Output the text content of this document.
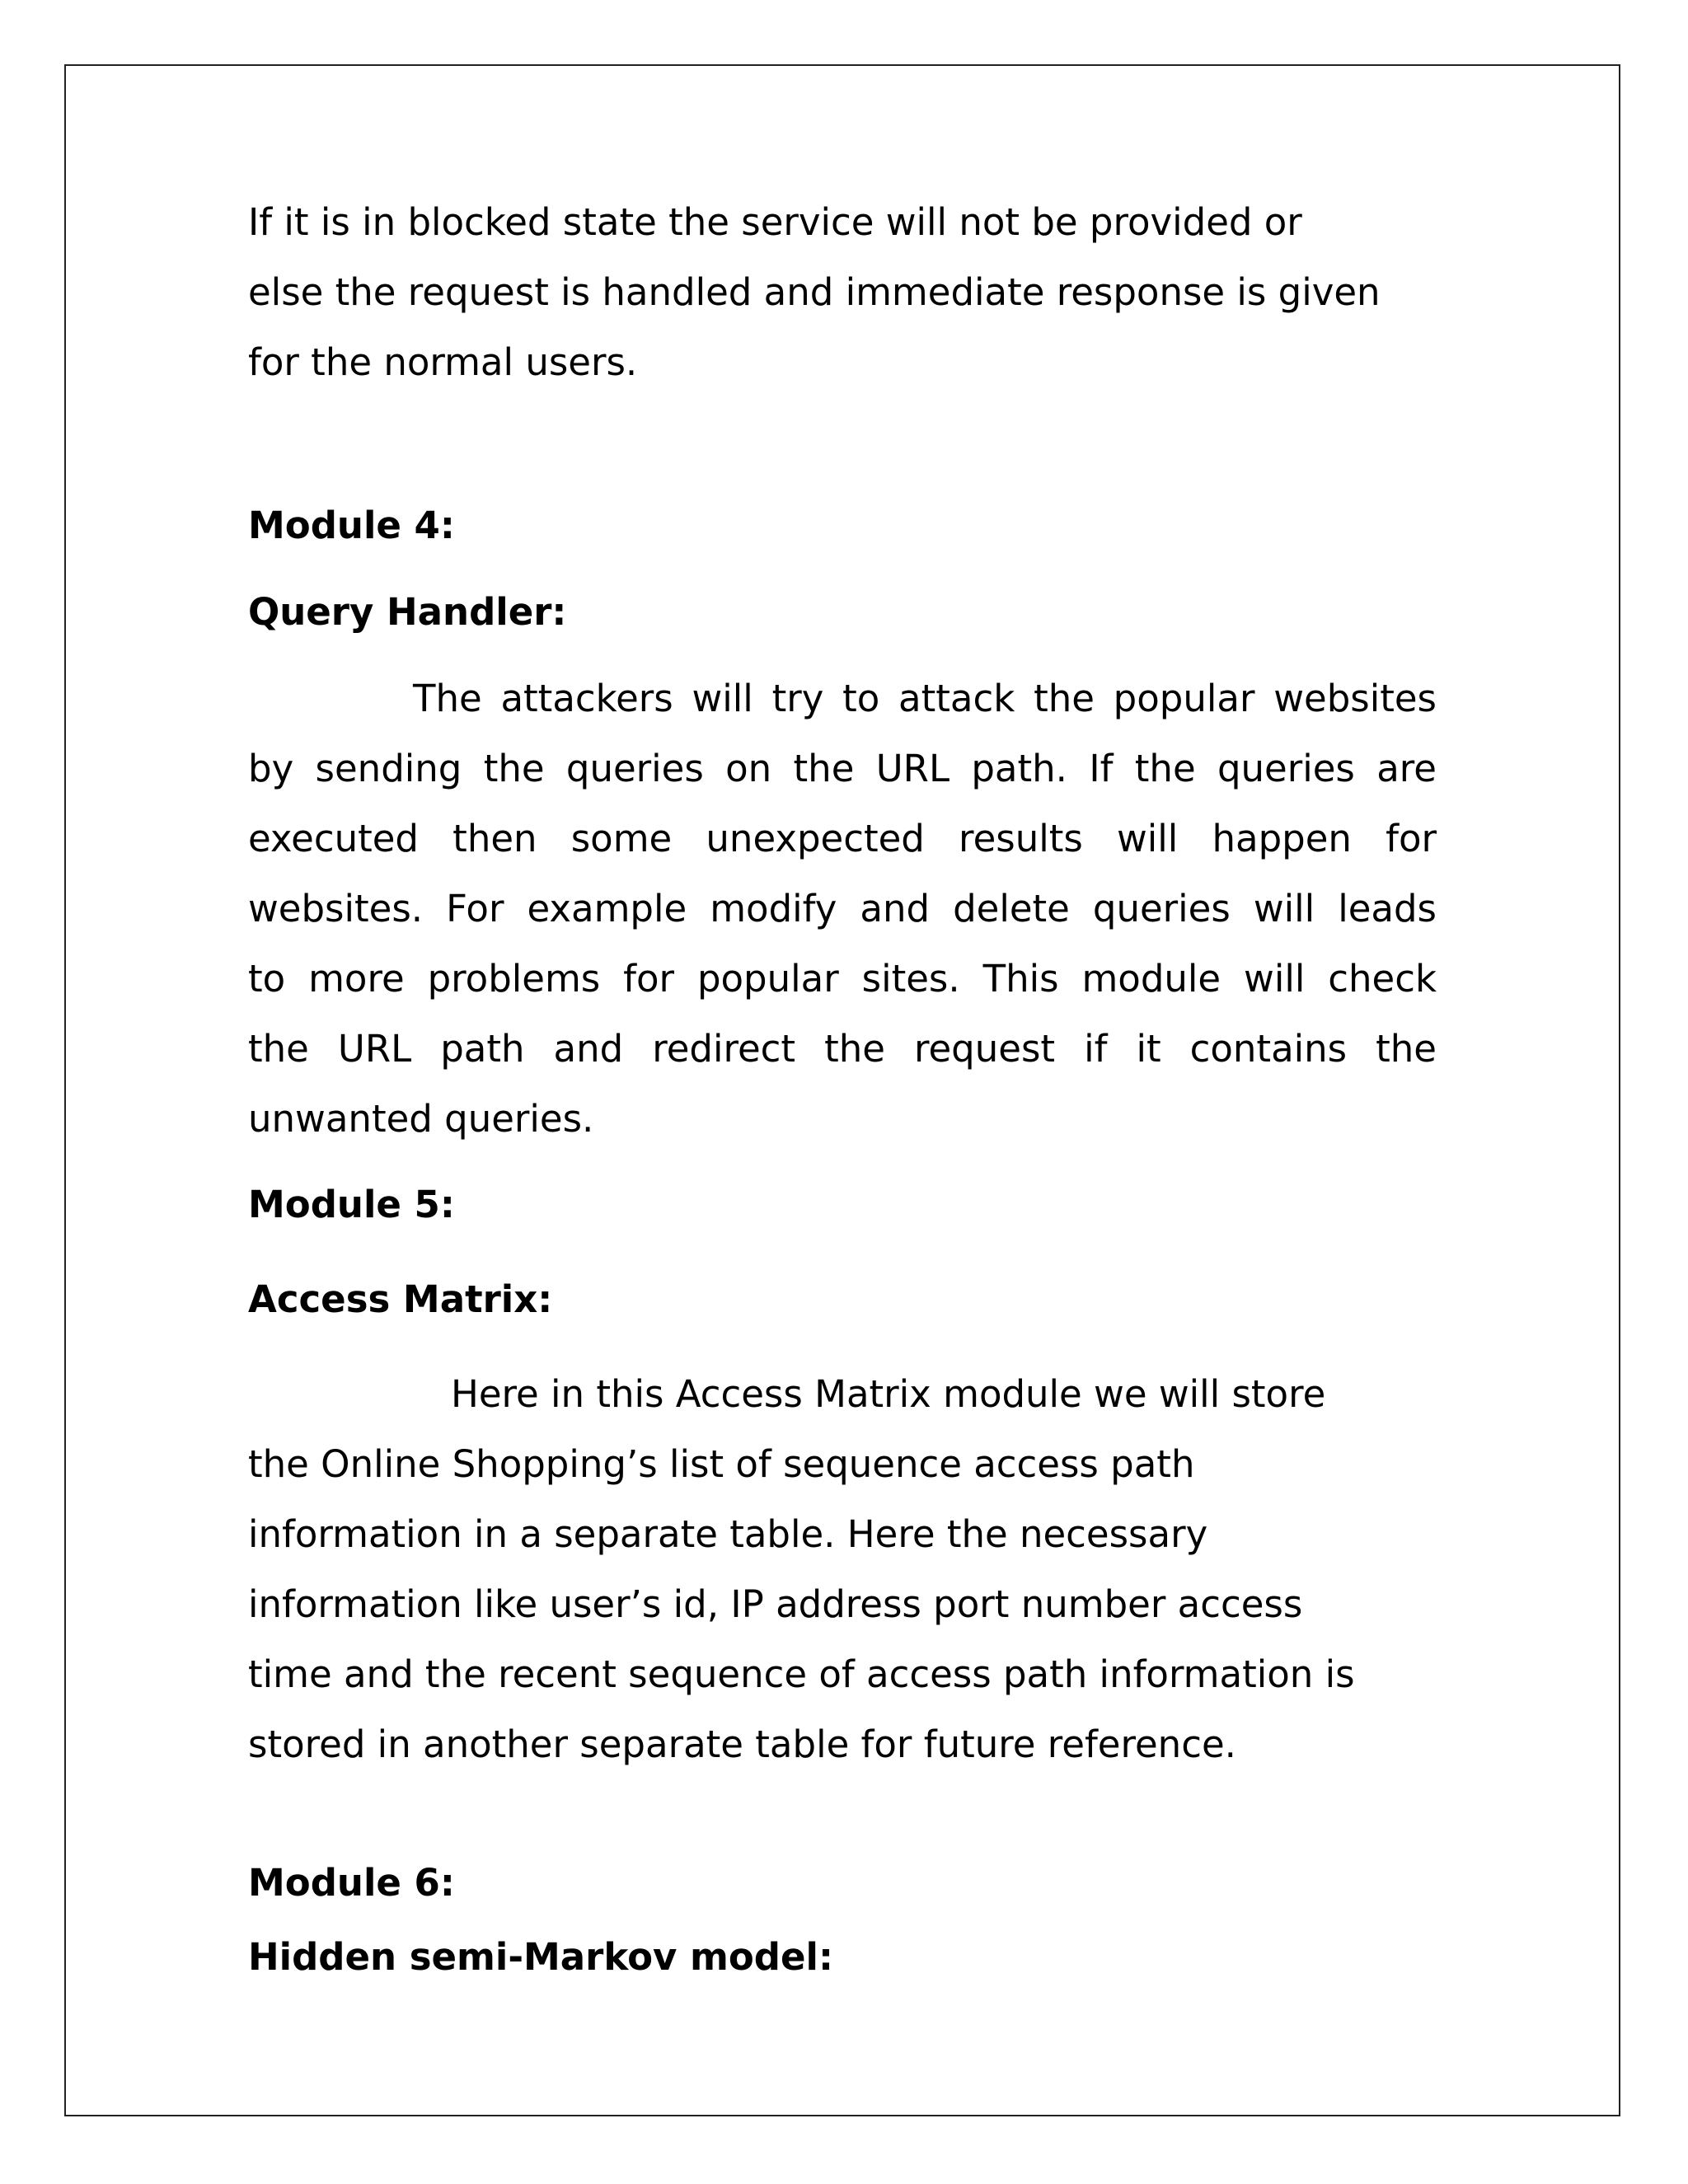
If it is in blocked state the service will not be provided or

else the request is handled and immediate response is given

for the normal users.

Module 4:

Query Handler:

The attackers will try to attack the popular websites

by sending the queries on the URL path. If the queries are

executed then some unexpected results will happen for

websites. For example modify and delete queries will leads

to more problems for popular sites. This module will check

the URL path and redirect the request if it contains the

unwanted queries.

Module 5:

Access Matrix:

Here in this Access Matrix module we will store

the Online Shopping’s list of sequence access path

information in a separate table. Here the necessary

information like user’s id, IP address port number access

time and the recent sequence of access path information is

stored in another separate table for future reference.

Module 6:

Hidden semi-Markov model:
